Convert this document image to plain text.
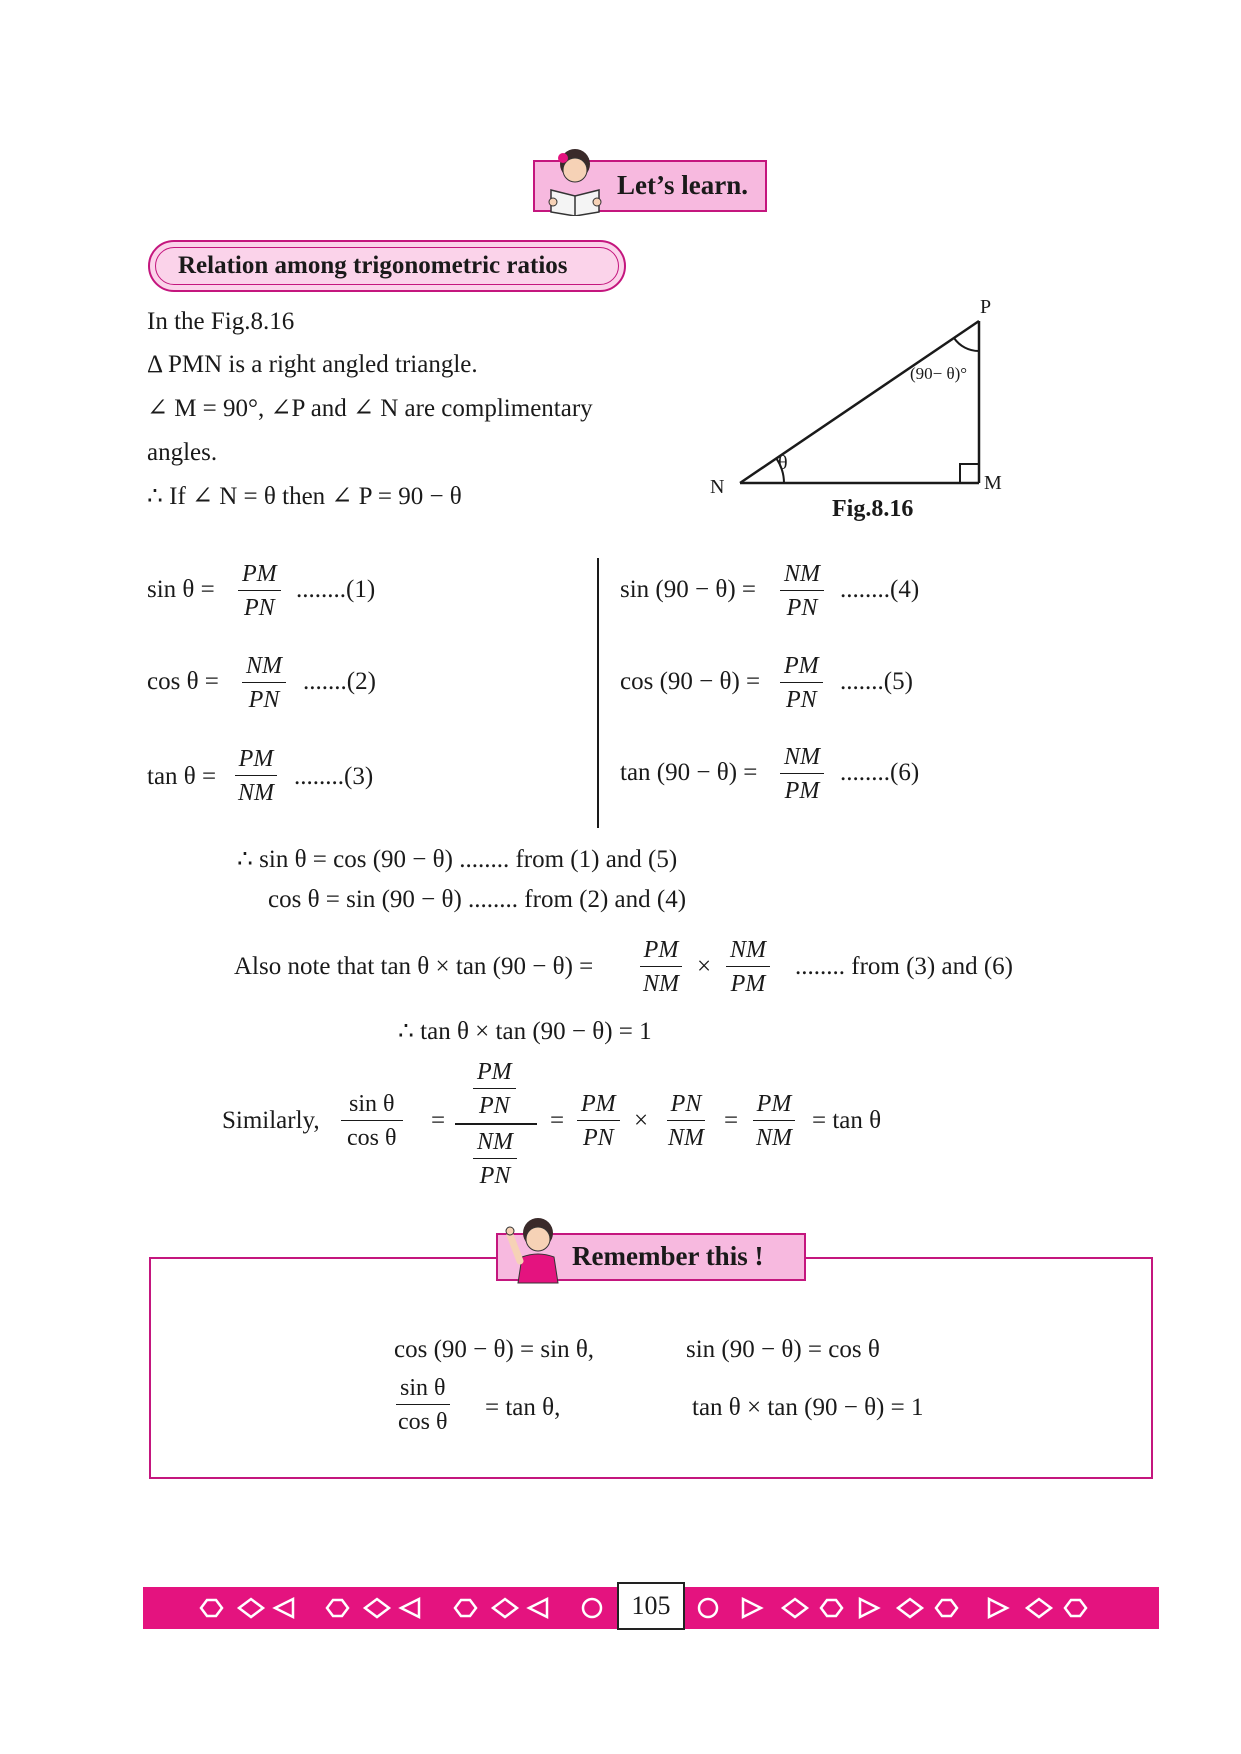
Let’s learn.
Relation among trigonometric ratios
In the Fig.8.16
Δ PMN is a right angled triangle.
∠ M = 90°, ∠P and ∠ N are complimentary
angles.
∴ If ∠ N = θ then ∠ P = 90 − θ
P
M
N
θ
(90− θ)°
Fig.8.16
$\sin \theta = \frac{PM}{PN} ........(1)$
$\cos \theta = \frac{NM}{PN} .......(2)$
$\tan \theta = \frac{PM}{NM} ........(3)$
$\sin (90 - \theta) = \frac{NM}{PN} ........(4)$
$\cos (90 - \theta) = \frac{PM}{PN} .......(5)$
$\tan (90 - \theta) = \frac{NM}{PM} ........(6)$
∴ sin θ = cos (90 − θ) ........ from (1) and (5)
cos θ = sin (90 − θ) ........ from (2) and (4)
Also note that $\tan \theta \times \tan (90 - \theta) = \frac{PM}{NM} \times \frac{NM}{PM}$ ........ from (3) and (6)
∴ tan θ × tan (90 − θ) = 1
Similarly, $\frac{\text{sin θ}}{\text{cos θ}}$ =
$\frac{PM}{PN}$
$\frac{NM}{PN}$
= $\frac{PM}{PN} \times \frac{PN}{NM} = \frac{PM}{NM} = \tan \theta$
Remember this !
cos (90 − θ) = sin θ,	sin (90 − θ) = cos θ
$\frac{\text{sin θ}}{\text{cos θ}} = \tan \theta$,	tan θ × tan (90 − θ) = 1
105
